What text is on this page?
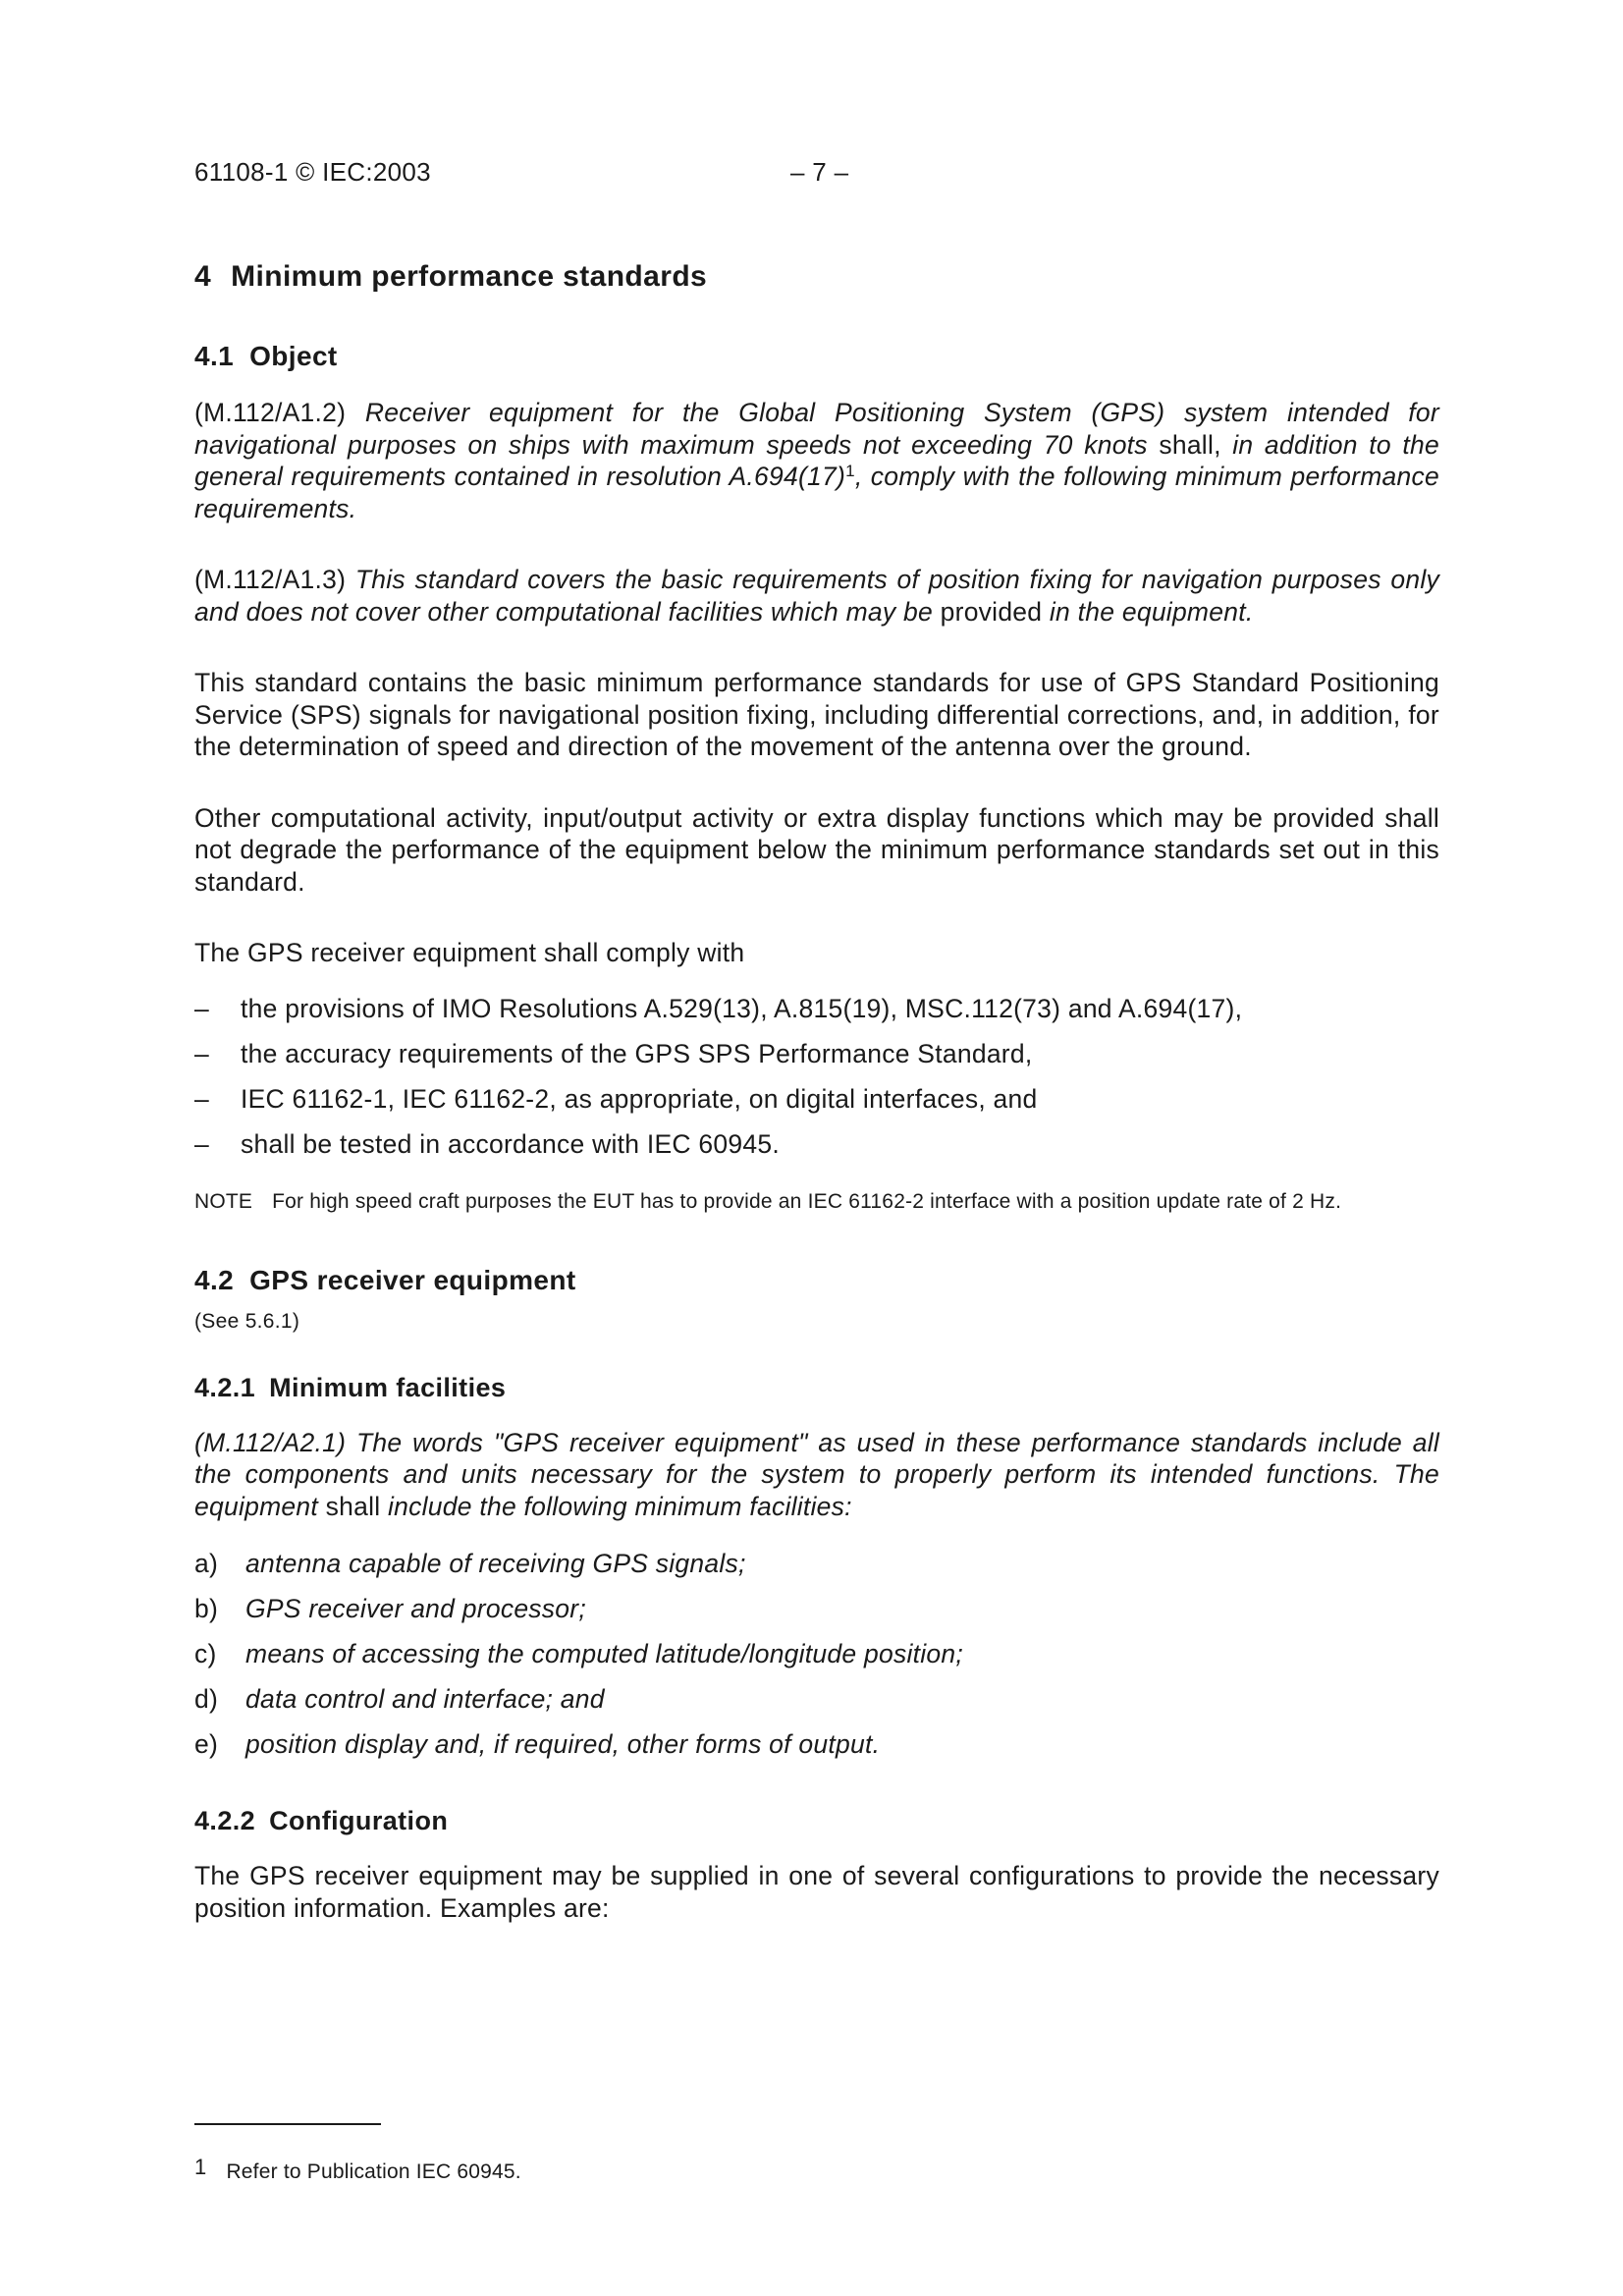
61108-1 © IEC:2003	– 7 –
4 Minimum performance standards
4.1 Object

(M.112/A1.2) Receiver equipment for the Global Positioning System (GPS) system intended for navigational purposes on ships with maximum speeds not exceeding 70 knots shall, in addition to the general requirements contained in resolution $A.694(17)^1$, comply with the following minimum performance requirements.

(M.112/A1.3) This standard covers the basic requirements of position fixing for navigation purposes only and does not cover other computational facilities which may be provided in the equipment.

This standard contains the basic minimum performance standards for use of GPS Standard Positioning Service (SPS) signals for navigational position fixing, including differential corrections, and, in addition, for the determination of speed and direction of the movement of the antenna over the ground.

Other computational activity, input/output activity or extra display functions which may be provided shall not degrade the performance of the equipment below the minimum performance standards set out in this standard.

The GPS receiver equipment shall comply with

– the provisions of IMO Resolutions A.529(13), A.815(19), MSC.112(73) and A.694(17),
– the accuracy requirements of the GPS SPS Performance Standard,
– IEC 61162-1, IEC 61162-2, as appropriate, on digital interfaces, and
– shall be tested in accordance with IEC 60945.
NOTE For high speed craft purposes the EUT has to provide an IEC 61162-2 interface with a position update rate of 2 Hz.
4.2 GPS receiver equipment
(See 5.6.1)
4.2.1 Minimum facilities

(M.112/A2.1) The words "GPS receiver equipment" as used in these performance standards include all the components and units necessary for the system to properly perform its intended functions. The equipment shall include the following minimum facilities:

a) antenna capable of receiving GPS signals;
b) GPS receiver and processor;
c) means of accessing the computed latitude/longitude position;
d) data control and interface; and
e) position display and, if required, other forms of output.
4.2.2 Configuration

The GPS receiver equipment may be supplied in one of several configurations to provide the necessary position information. Examples are:

1 Refer to Publication IEC 60945.
